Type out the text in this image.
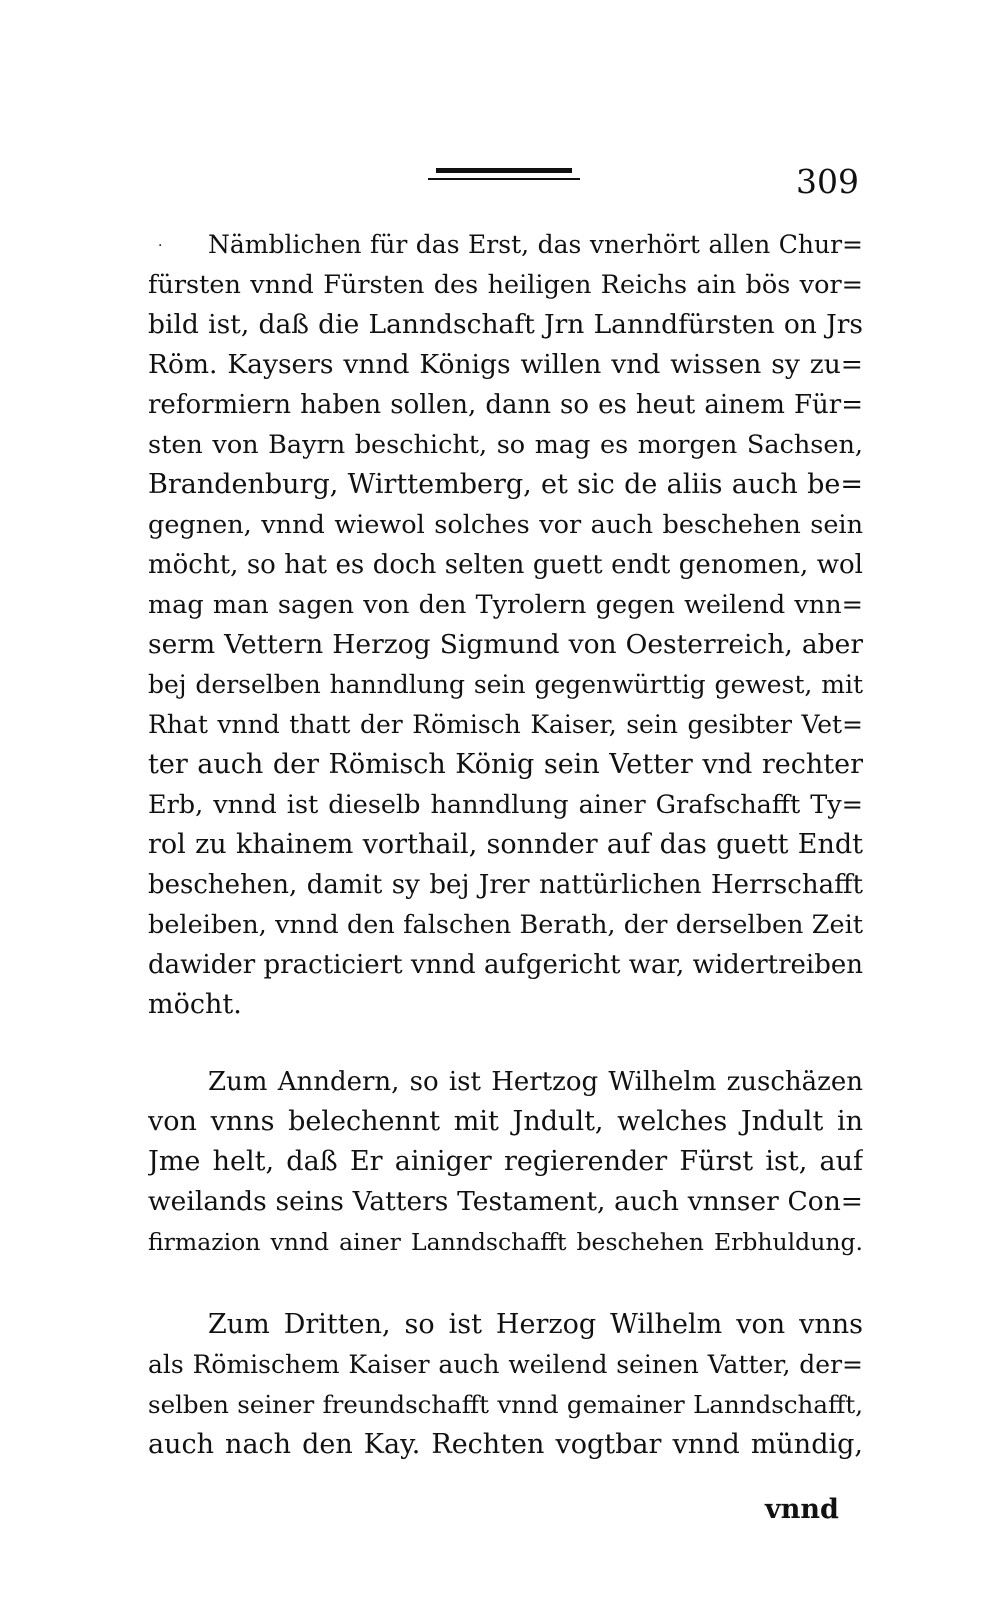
309
·	Nämblichen für das Erst, das vnerhört allen Chur=
fürsten vnnd Fürsten des heiligen Reichs ain bös vor=
bild ist, daß die Lanndschaft Jrn Lanndfürsten on Jrs
Röm. Kaysers vnnd Königs willen vnd wissen sy zu=
reformiern haben sollen, dann so es heut ainem Für=
sten von Bayrn beschicht, so mag es morgen Sachsen,
Brandenburg, Wirttemberg, et sic de aliis auch be=
gegnen, vnnd wiewol solches vor auch beschehen sein
möcht, so hat es doch selten guett endt genomen, wol
mag man sagen von den Tyrolern gegen weilend vnn=
serm Vettern Herzog Sigmund von Oesterreich, aber
bej derselben hanndlung sein gegenwürttig gewest, mit
Rhat vnnd thatt der Römisch Kaiser, sein gesibter Vet=
ter auch der Römisch König sein Vetter vnd rechter
Erb, vnnd ist dieselb hanndlung ainer Grafschafft Ty=
rol zu khainem vorthail, sonnder auf das guett Endt
beschehen, damit sy bej Jrer nattürlichen Herrschafft
beleiben, vnnd den falschen Berath, der derselben Zeit
dawider practiciert vnnd aufgericht war, widertreiben
möcht.
Zum Anndern, so ist Hertzog Wilhelm zuschäzen
von vnns belechennt mit Jndult, welches Jndult in
Jme helt, daß Er ainiger regierender Fürst ist, auf
weilands seins Vatters Testament, auch vnnser Con=
firmazion vnnd ainer Lanndschafft beschehen Erbhuldung.
Zum Dritten, so ist Herzog Wilhelm von vnns
als Römischem Kaiser auch weilend seinen Vatter, der=
selben seiner freundschafft vnnd gemainer Lanndschafft,
auch nach den Kay. Rechten vogtbar vnnd mündig,
vnnd
